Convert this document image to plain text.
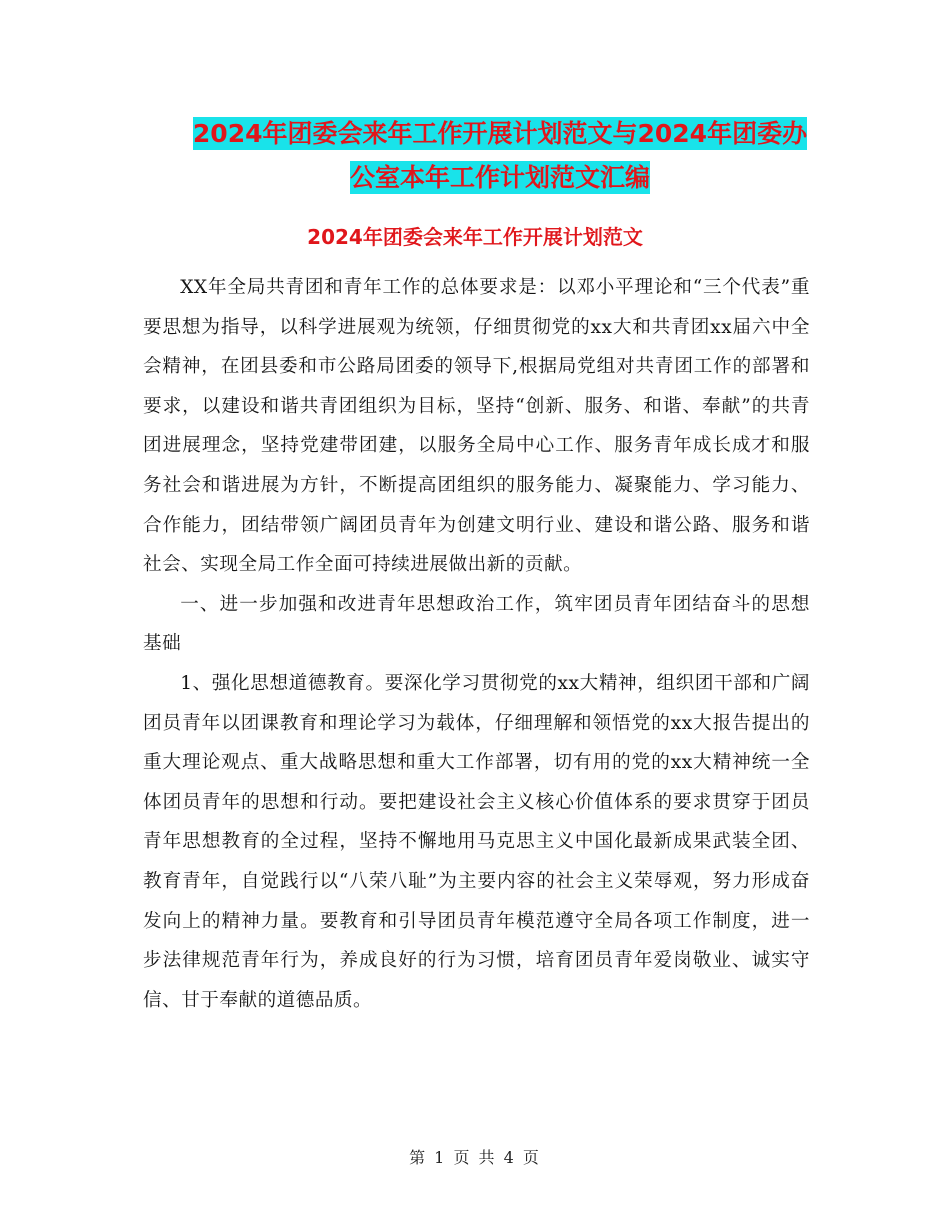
2024年团委会来年工作开展计划范文与2024年团委办
公室本年工作计划范文汇编
2024年团委会来年工作开展计划范文

XX年全局共青团和青年工作的总体要求是：以邓小平理论和“三个代表”重要思想为指导，以科学进展观为统领，仔细贯彻党的xx大和共青团xx届六中全会精神，在团县委和市公路局团委的领导下,根据局党组对共青团工作的部署和要求，以建设和谐共青团组织为目标，坚持“创新、服务、和谐、奉献”的共青团进展理念，坚持党建带团建，以服务全局中心工作、服务青年成长成才和服务社会和谐进展为方针，不断提高团组织的服务能力、凝聚能力、学习能力、合作能力，团结带领广阔团员青年为创建文明行业、建设和谐公路、服务和谐社会、实现全局工作全面可持续进展做出新的贡献。

一、进一步加强和改进青年思想政治工作，筑牢团员青年团结奋斗的思想基础

1、强化思想道德教育。要深化学习贯彻党的xx大精神，组织团干部和广阔团员青年以团课教育和理论学习为载体，仔细理解和领悟党的xx大报告提出的重大理论观点、重大战略思想和重大工作部署，切有用的党的xx大精神统一全体团员青年的思想和行动。要把建设社会主义核心价值体系的要求贯穿于团员青年思想教育的全过程，坚持不懈地用马克思主义中国化最新成果武装全团、教育青年，自觉践行以“八荣八耻”为主要内容的社会主义荣辱观，努力形成奋发向上的精神力量。要教育和引导团员青年模范遵守全局各项工作制度，进一步法律规范青年行为，养成良好的行为习惯，培育团员青年爱岗敬业、诚实守信、甘于奉献的道德品质。

第 1 页 共 4 页
